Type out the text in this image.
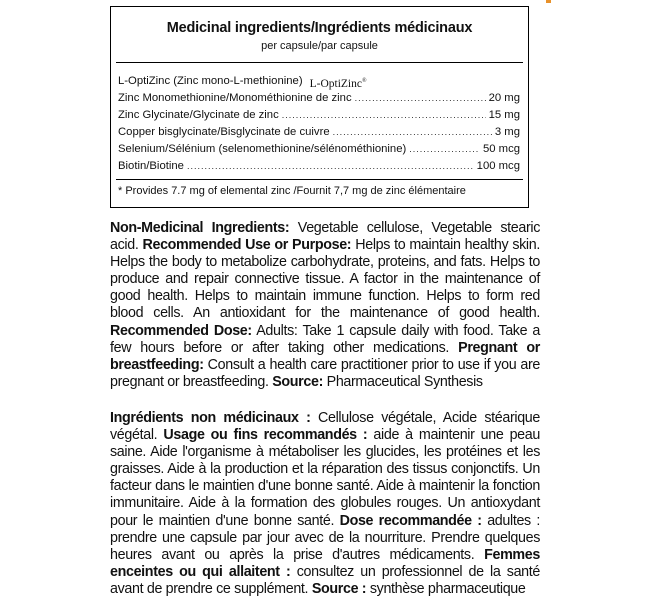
Medicinal ingredients/Ingrédients médicinaux
per capsule/par capsule
L-OptiZinc (Zinc mono-L-methionine) L-OptiZinc®
Zinc Monomethionine/Monométhionine de zinc .....	20 mg
Zinc Glycinate/Glycinate de zinc .....	15 mg
Copper bisglycinate/Bisglycinate de cuivre .....	3 mg
Selenium/Sélénium (selenomethionine/sélénométhionine) .....	50 mcg
Biotin/Biotine .....	100 mcg
* Provides 7.7 mg of elemental zinc /Fournit 7,7 mg de zinc élémentaire
Non-Medicinal Ingredients: Vegetable cellulose, Vegetable stearic acid. Recommended Use or Purpose: Helps to maintain healthy skin. Helps the body to metabolize carbohydrate, proteins, and fats. Helps to produce and repair connective tissue. A factor in the maintenance of good health. Helps to maintain immune function. Helps to form red blood cells. An antioxidant for the maintenance of good health. Recommended Dose: Adults: Take 1 capsule daily with food. Take a few hours before or after taking other medications. Pregnant or breastfeeding: Consult a health care practitioner prior to use if you are pregnant or breastfeeding. Source: Pharmaceutical Synthesis
Ingrédients non médicinaux : Cellulose végétale, Acide stéarique végétal. Usage ou fins recommandés : aide à maintenir une peau saine. Aide l'organisme à métaboliser les glucides, les protéines et les graisses. Aide à la production et la réparation des tissus conjonctifs. Un facteur dans le maintien d'une bonne santé. Aide à maintenir la fonction immunitaire. Aide à la formation des globules rouges. Un antioxydant pour le maintien d'une bonne santé. Dose recommandée : adultes : prendre une capsule par jour avec de la nourriture. Prendre quelques heures avant ou après la prise d'autres médicaments. Femmes enceintes ou qui allaitent : consultez un professionnel de la santé avant de prendre ce supplément. Source : synthèse pharmaceutique
